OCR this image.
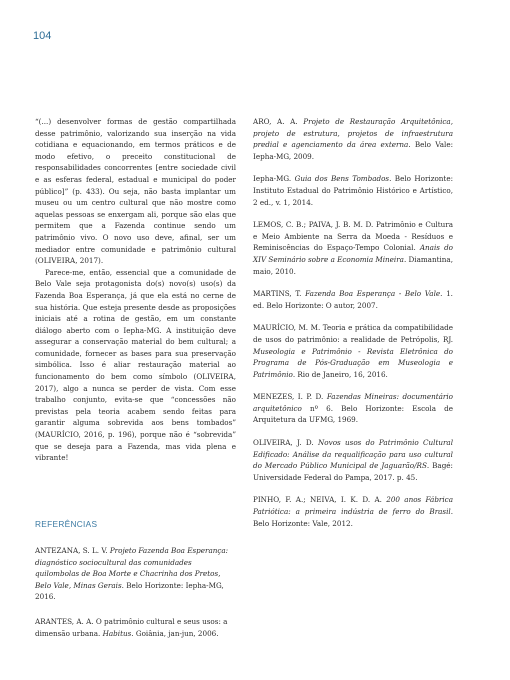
104

“(...) desenvolver formas de gestão compartilhada desse patrimônio, valorizando sua inserção na vida cotidiana e equacionando, em termos práticos e de modo efetivo, o preceito constitucional de responsabilidades concorrentes [entre sociedade civil e as esferas federal, estadual e municipal do poder público]” (p. 433). Ou seja, não basta implantar um museu ou um centro cultural que não mostre como aquelas pessoas se enxergam ali, porque são elas que permitem que a Fazenda continue sendo um patrimônio vivo. O novo uso deve, afinal, ser um mediador entre comunidade e patrimônio cultural (OLIVEIRA, 2017).

Parece-me, então, essencial que a comunidade de Belo Vale seja protagonista do(s) novo(s) uso(s) da Fazenda Boa Esperança, já que ela está no cerne de sua história. Que esteja presente desde as proposições iniciais até a rotina de gestão, em um constante diálogo aberto com o Iepha-MG. A instituição deve assegurar a conservação material do bem cultural; a comunidade, fornecer as bases para sua preservação simbólica. Isso é aliar restauração material ao funcionamento do bem como símbolo (OLIVEIRA, 2017), algo a nunca se perder de vista. Com esse trabalho conjunto, evita-se que “concessões não previstas pela teoria acabem sendo feitas para garantir alguma sobrevida aos bens tombados” (MAURÍCIO, 2016, p. 196), porque não é “sobrevida” que se deseja para a Fazenda, mas vida plena e vibrante!

REFERÊNCIAS

ANTEZANA, S. L. V. Projeto Fazenda Boa Esperança: diagnóstico sociocultural das comunidades quilombolas de Boa Morte e Chacrinha dos Pretos, Belo Vale, Minas Gerais. Belo Horizonte: Iepha-MG, 2016.

ARANTES, A. A. O patrimônio cultural e seus usos: a dimensão urbana. Habitus. Goiânia, jan-jun, 2006.

ARO, A. A. Projeto de Restauração Arquitetônica, projeto de estrutura, projetos de infraestrutura predial e agenciamento da área externa. Belo Vale: Iepha-MG, 2009.

Iepha-MG. Guia dos Bens Tombados. Belo Horizonte: Instituto Estadual do Patrimônio Histórico e Artístico, 2 ed., v. 1, 2014.

LEMOS, C. B.; PAIVA, J. B. M. D. Patrimônio e Cultura e Meio Ambiente na Serra da Moeda - Resíduos e Reminiscências do Espaço-Tempo Colonial. Anais do XIV Seminário sobre a Economia Mineira. Diamantina, maio, 2010.

MARTINS, T. Fazenda Boa Esperança - Belo Vale. 1. ed. Belo Horizonte: O autor, 2007.

MAURÍCIO, M. M. Teoria e prática da compatibilidade de usos do patrimônio: a realidade de Petrópolis, RJ. Museologia e Patrimônio - Revista Eletrônica do Programa de Pós-Graduação em Museologia e Patrimônio. Rio de Janeiro, 16, 2016.

MENEZES, I. P. D. Fazendas Mineiras: documentário arquitetônico nº 6. Belo Horizonte: Escola de Arquitetura da UFMG, 1969.

OLIVEIRA, J. D. Novos usos do Patrimônio Cultural Edificado: Análise da requalificação para uso cultural do Mercado Público Municipal de Jaguarão/RS. Bagé: Universidade Federal do Pampa, 2017. p. 45.

PINHO, F. A.; NEIVA, I. K. D. A. 200 anos Fábrica Patriótica: a primeira indústria de ferro do Brasil. Belo Horizonte: Vale, 2012.
